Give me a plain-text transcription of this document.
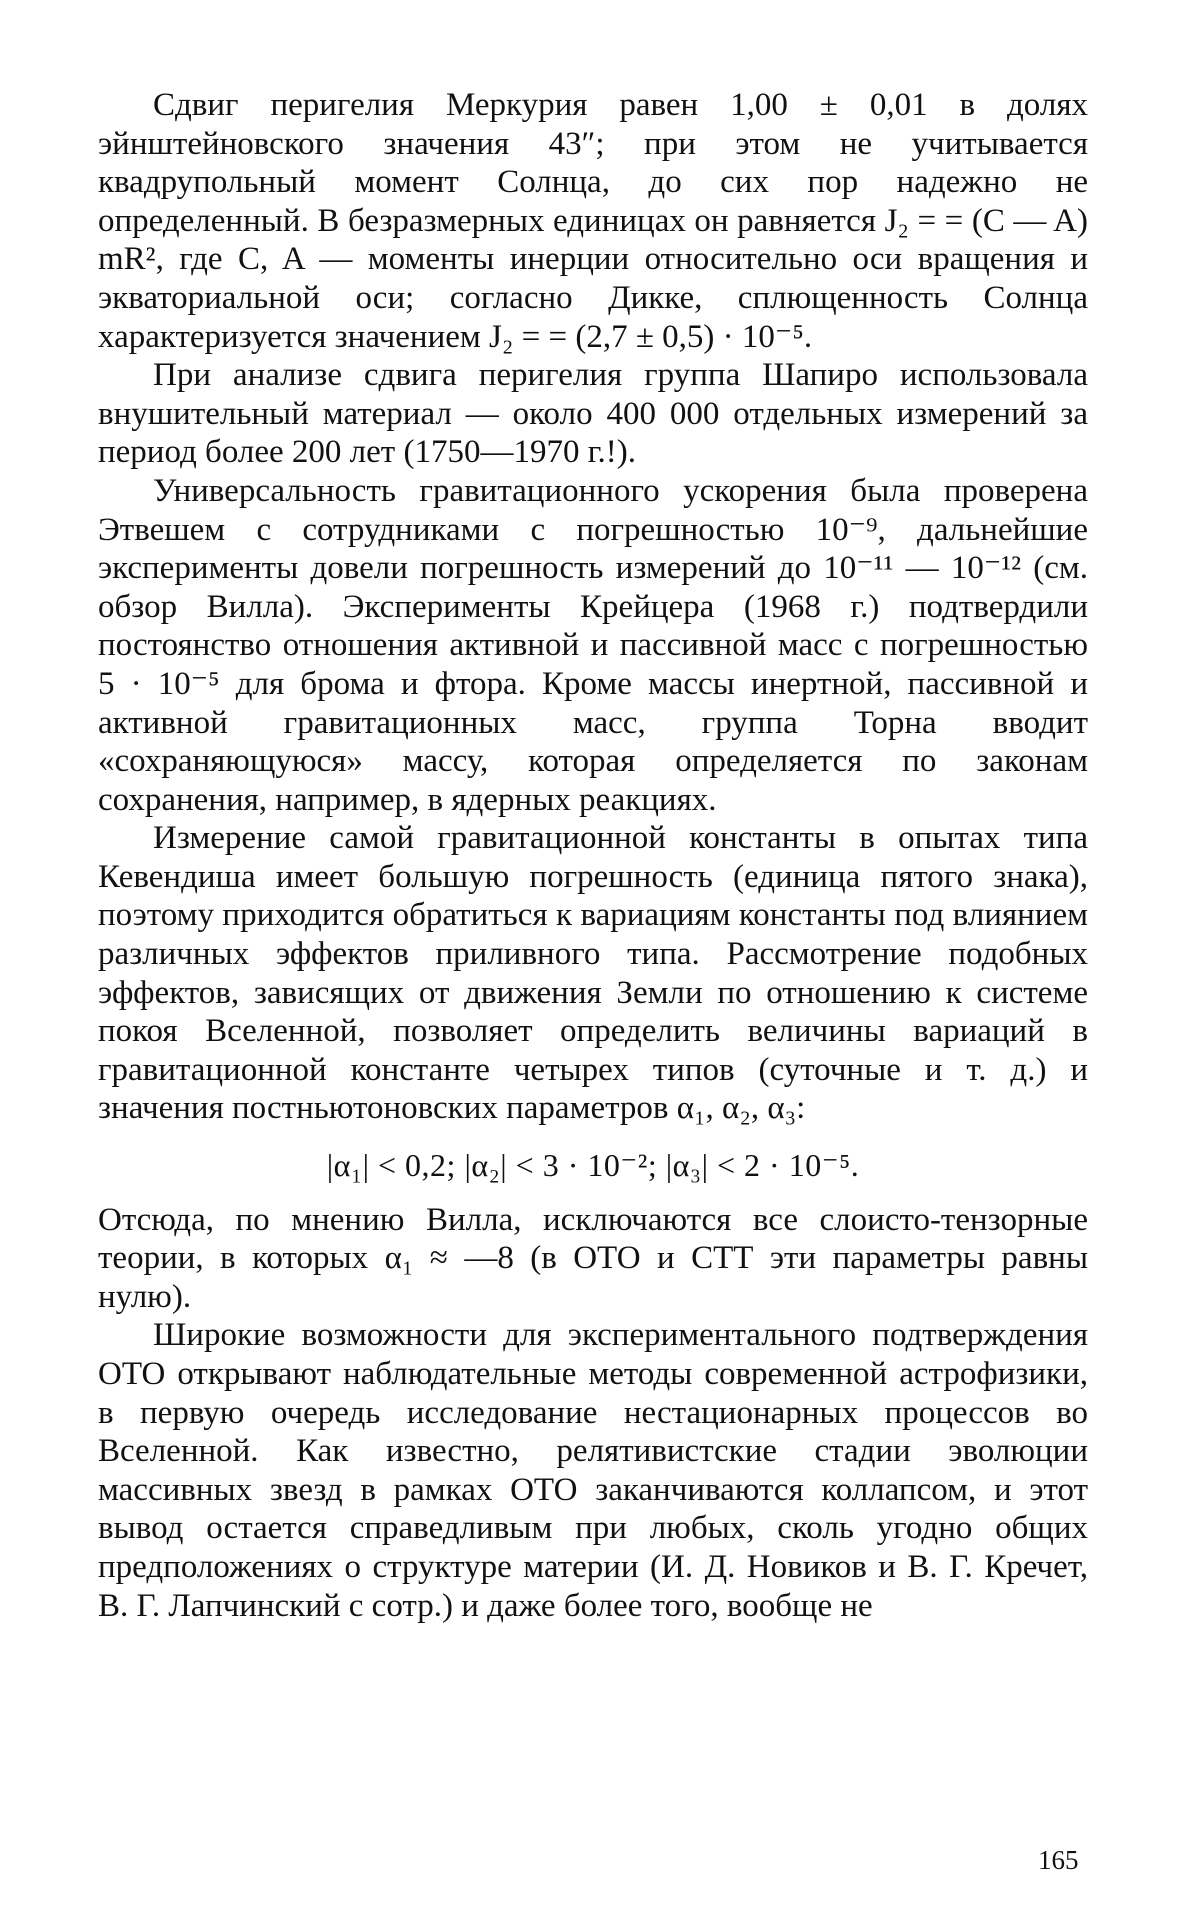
Сдвиг перигелия Меркурия равен 1,00 ± 0,01 в долях эйнштейновского значения 43″; при этом не учитывается квадрупольный момент Солнца, до сих пор надежно не определенный. В безразмерных единицах он равняется J₂ = = (C — A) mR², где C, A — моменты инерции относительно оси вращения и экваториальной оси; согласно Дикке, сплющенность Солнца характеризуется значением J₂ = = (2,7 ± 0,5) · 10⁻⁵.

При анализе сдвига перигелия группа Шапиро использовала внушительный материал — около 400 000 отдельных измерений за период более 200 лет (1750—1970 г.!).

Универсальность гравитационного ускорения была проверена Этвешем с сотрудниками с погрешностью 10⁻⁹, дальнейшие эксперименты довели погрешность измерений до 10⁻¹¹ — 10⁻¹² (см. обзор Вилла). Эксперименты Крейцера (1968 г.) подтвердили постоянство отношения активной и пассивной масс с погрешностью 5 · 10⁻⁵ для брома и фтора. Кроме массы инертной, пассивной и активной гравитационных масс, группа Торна вводит «сохраняющуюся» массу, которая определяется по законам сохранения, например, в ядерных реакциях.

Измерение самой гравитационной константы в опытах типа Кевендиша имеет большую погрешность (единица пятого знака), поэтому приходится обратиться к вариациям константы под влиянием различных эффектов приливного типа. Рассмотрение подобных эффектов, зависящих от движения Земли по отношению к системе покоя Вселенной, позволяет определить величины вариаций в гравитационной константе четырех типов (суточные и т. д.) и значения постньютоновских параметров α₁, α₂, α₃:

|α₁| < 0,2; |α₂| < 3 · 10⁻²; |α₃| < 2 · 10⁻⁵.

Отсюда, по мнению Вилла, исключаются все слоисто-тензорные теории, в которых α₁ ≈ —8 (в ОТО и СТТ эти параметры равны нулю).

Широкие возможности для экспериментального подтверждения ОТО открывают наблюдательные методы современной астрофизики, в первую очередь исследование нестационарных процессов во Вселенной. Как известно, релятивистские стадии эволюции массивных звезд в рамках ОТО заканчиваются коллапсом, и этот вывод остается справедливым при любых, сколь угодно общих предположениях о структуре материи (И. Д. Новиков и В. Г. Кречет, В. Г. Лапчинский с сотр.) и даже более того, вообще не

165
